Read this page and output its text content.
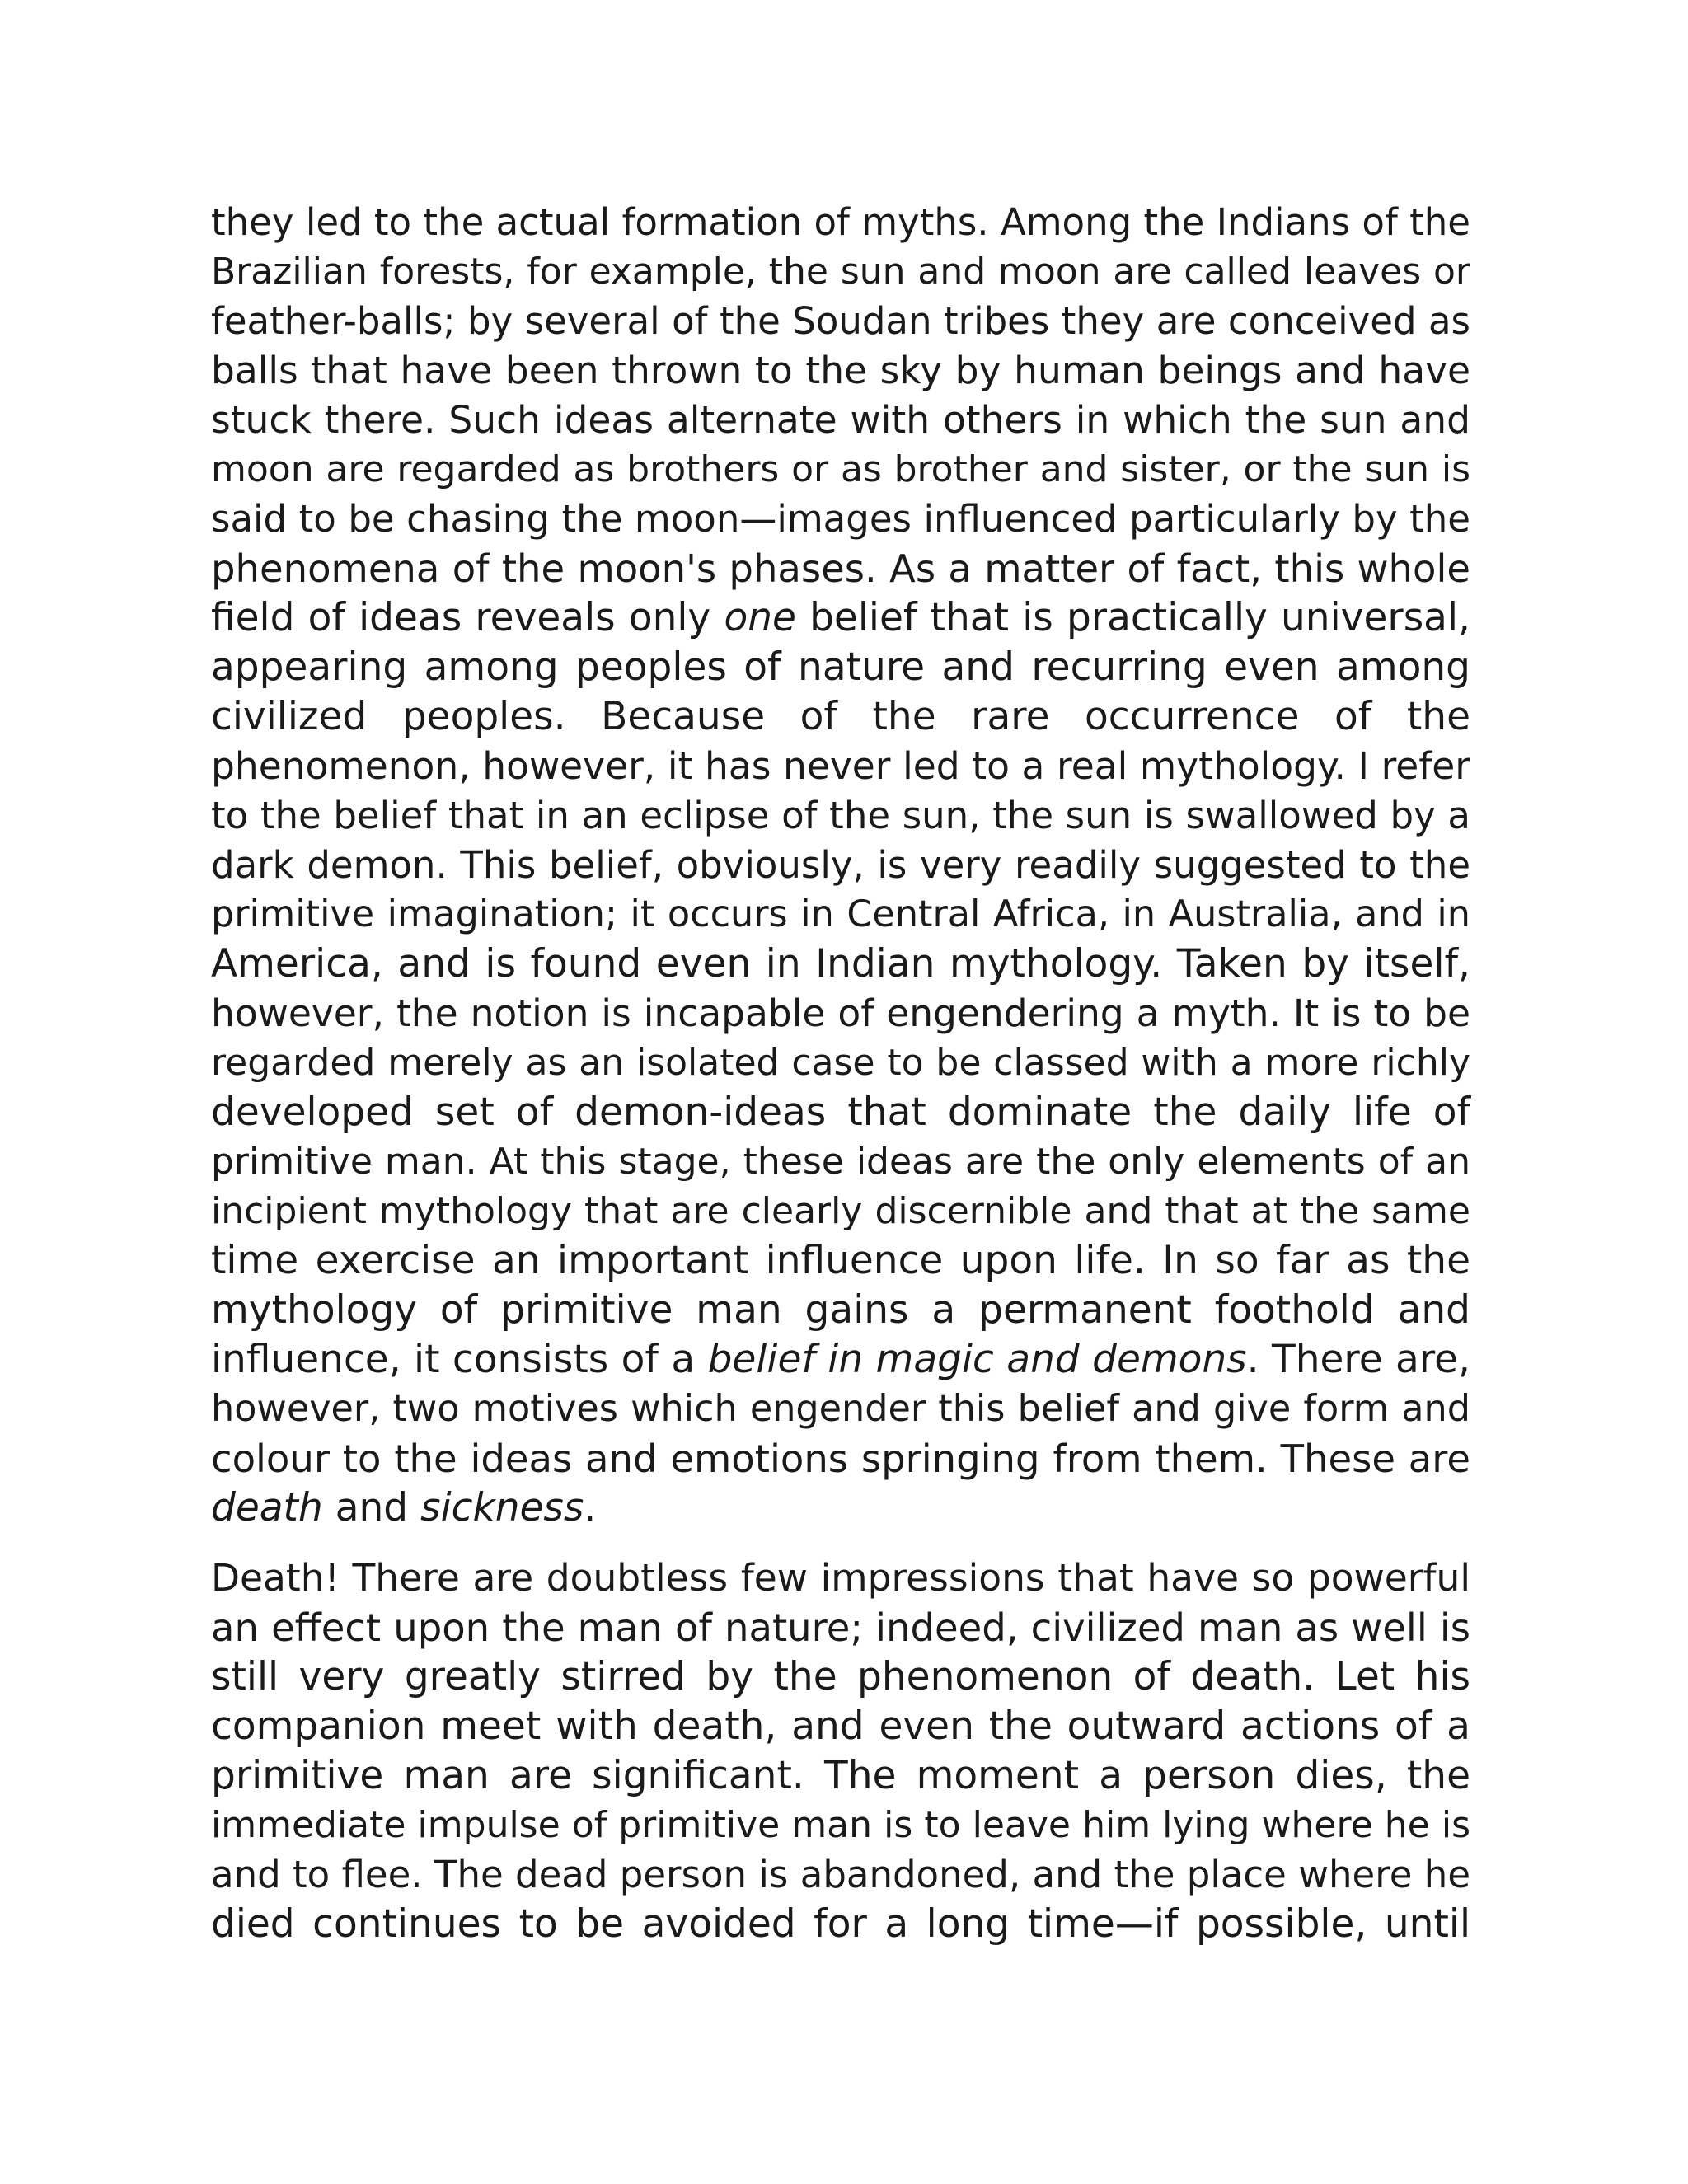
they led to the actual formation of myths. Among the Indians of the
Brazilian forests, for example, the sun and moon are called leaves or
feather-balls; by several of the Soudan tribes they are conceived as
balls that have been thrown to the sky by human beings and have
stuck there. Such ideas alternate with others in which the sun and
moon are regarded as brothers or as brother and sister, or the sun is
said to be chasing the moon—images influenced particularly by the
phenomena of the moon's phases. As a matter of fact, this whole
field of ideas reveals only one belief that is practically universal,
appearing among peoples of nature and recurring even among
civilized peoples. Because of the rare occurrence of the
phenomenon, however, it has never led to a real mythology. I refer
to the belief that in an eclipse of the sun, the sun is swallowed by a
dark demon. This belief, obviously, is very readily suggested to the
primitive imagination; it occurs in Central Africa, in Australia, and in
America, and is found even in Indian mythology. Taken by itself,
however, the notion is incapable of engendering a myth. It is to be
regarded merely as an isolated case to be classed with a more richly
developed set of demon-ideas that dominate the daily life of
primitive man. At this stage, these ideas are the only elements of an
incipient mythology that are clearly discernible and that at the same
time exercise an important influence upon life. In so far as the
mythology of primitive man gains a permanent foothold and
influence, it consists of a belief in magic and demons. There are,
however, two motives which engender this belief and give form and
colour to the ideas and emotions springing from them. These are
death and sickness.

Death! There are doubtless few impressions that have so powerful
an effect upon the man of nature; indeed, civilized man as well is
still very greatly stirred by the phenomenon of death. Let his
companion meet with death, and even the outward actions of a
primitive man are significant. The moment a person dies, the
immediate impulse of primitive man is to leave him lying where he is
and to flee. The dead person is abandoned, and the place where he
died continues to be avoided for a long time—if possible, until
